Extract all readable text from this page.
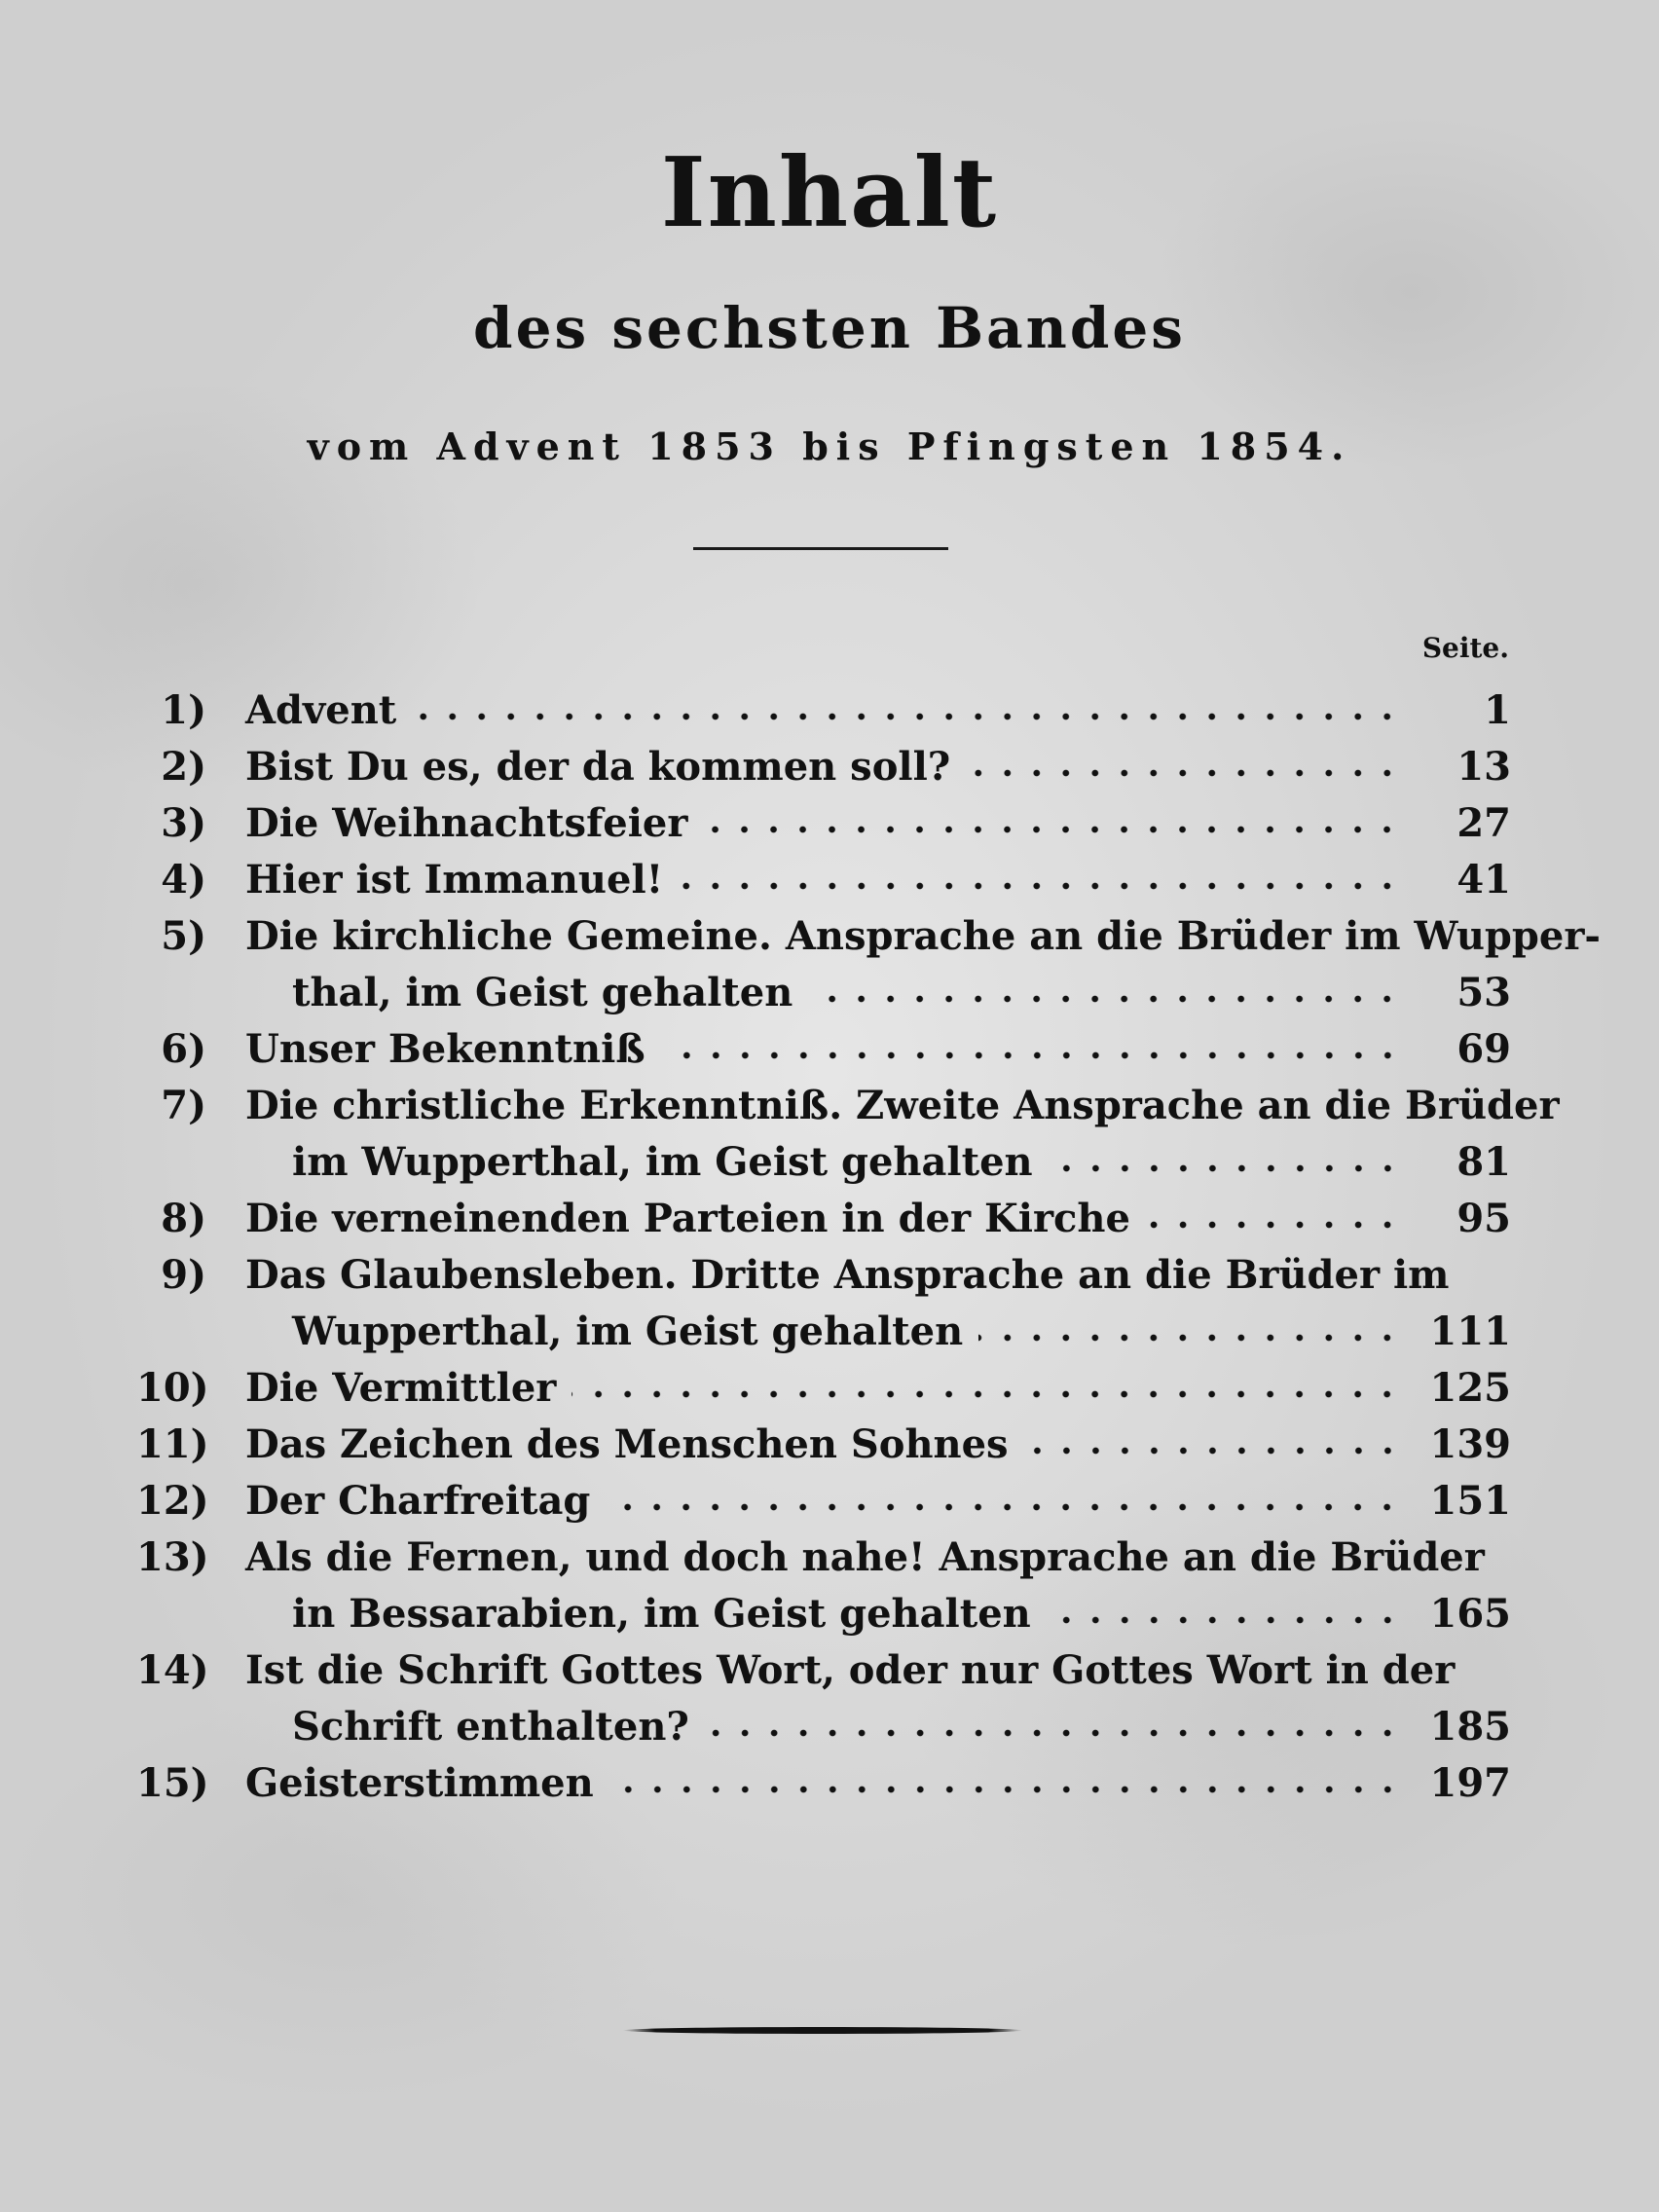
Inhalt
des sechsten Bandes
vom Advent 1853 bis Pfingsten 1854.
Seite.
1) Advent	1
2) Bist Du es, der da kommen soll?	13
3) Die Weihnachtsfeier	27
4) Hier ist Immanuel!	41
5) Die kirchliche Gemeine. Ansprache an die Brüder im Wupper-
thal, im Geist gehalten	53
6) Unser Bekenntniß	69
7) Die christliche Erkenntniß. Zweite Ansprache an die Brüder
im Wupperthal, im Geist gehalten	81
8) Die verneinenden Parteien in der Kirche	95
9) Das Glaubensleben. Dritte Ansprache an die Brüder im
Wupperthal, im Geist gehalten	111
10) Die Vermittler	125
11) Das Zeichen des Menschen Sohnes	139
12) Der Charfreitag	151
13) Als die Fernen, und doch nahe! Ansprache an die Brüder
in Bessarabien, im Geist gehalten	165
14) Ist die Schrift Gottes Wort, oder nur Gottes Wort in der
Schrift enthalten?	185
15) Geisterstimmen	197
